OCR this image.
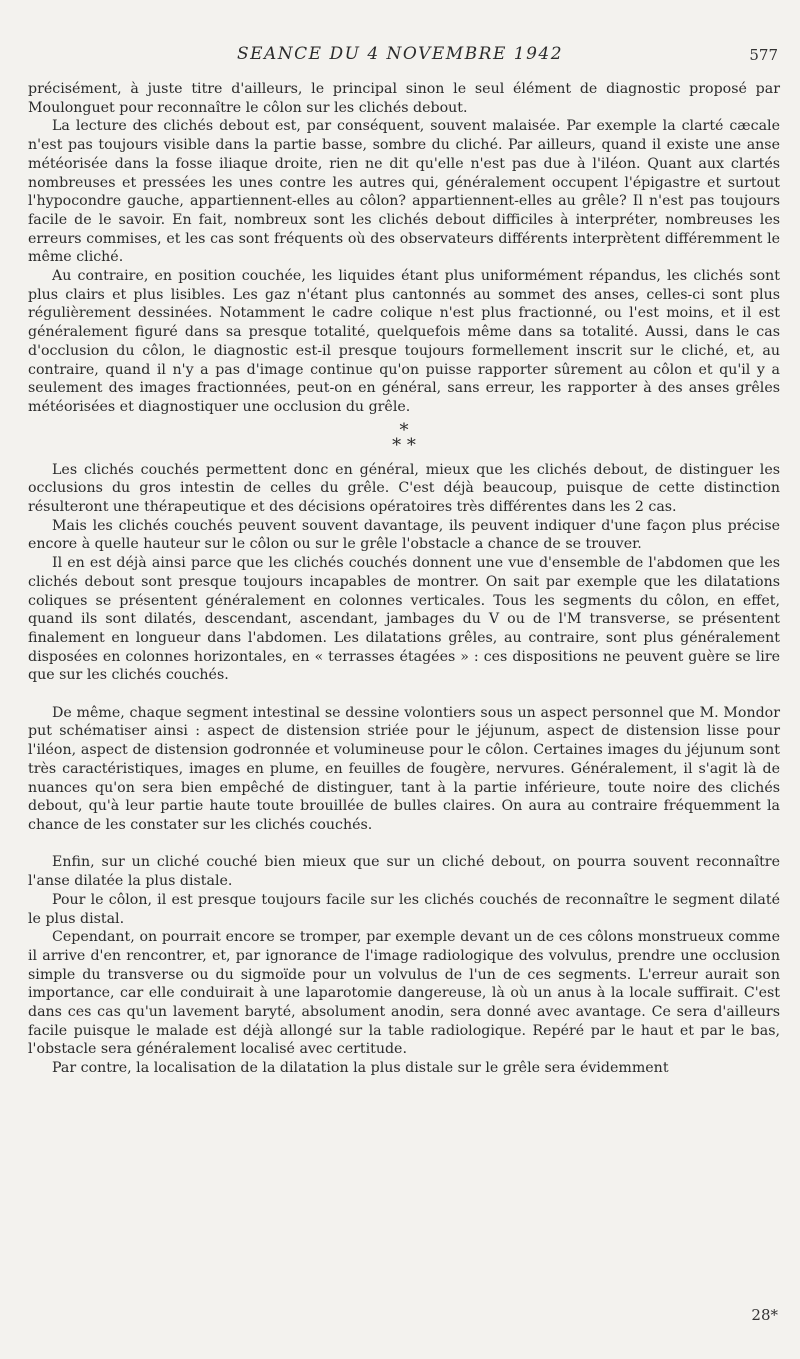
SEANCE DU 4 NOVEMBRE 1942	577

précisément, à juste titre d'ailleurs, le principal sinon le seul élément de diagnostic proposé par Moulonguet pour reconnaître le côlon sur les clichés debout.

La lecture des clichés debout est, par conséquent, souvent malaisée. Par exemple la clarté cæcale n'est pas toujours visible dans la partie basse, sombre du cliché. Par ailleurs, quand il existe une anse météorisée dans la fosse iliaque droite, rien ne dit qu'elle n'est pas due à l'iléon. Quant aux clartés nombreuses et pressées les unes contre les autres qui, généralement occupent l'épigastre et surtout l'hypocondre gauche, appartiennent-elles au côlon? appartiennent-elles au grêle? Il n'est pas toujours facile de le savoir. En fait, nombreux sont les clichés debout difficiles à interpréter, nombreuses les erreurs commises, et les cas sont fréquents où des observateurs différents interprètent différemment le même cliché.

Au contraire, en position couchée, les liquides étant plus uniformément répandus, les clichés sont plus clairs et plus lisibles. Les gaz n'étant plus cantonnés au sommet des anses, celles-ci sont plus régulièrement dessinées. Notamment le cadre colique n'est plus fractionné, ou l'est moins, et il est généralement figuré dans sa presque totalité, quelquefois même dans sa totalité. Aussi, dans le cas d'occlusion du côlon, le diagnostic est-il presque toujours formellement inscrit sur le cliché, et, au contraire, quand il n'y a pas d'image continue qu'on puisse rapporter sûrement au côlon et qu'il y a seulement des images fractionnées, peut-on en général, sans erreur, les rapporter à des anses grêles météorisées et diagnostiquer une occlusion du grêle.

*
* *

Les clichés couchés permettent donc en général, mieux que les clichés debout, de distinguer les occlusions du gros intestin de celles du grêle. C'est déjà beaucoup, puisque de cette distinction résulteront une thérapeutique et des décisions opératoires très différentes dans les 2 cas.

Mais les clichés couchés peuvent souvent davantage, ils peuvent indiquer d'une façon plus précise encore à quelle hauteur sur le côlon ou sur le grêle l'obstacle a chance de se trouver.

Il en est déjà ainsi parce que les clichés couchés donnent une vue d'ensemble de l'abdomen que les clichés debout sont presque toujours incapables de montrer. On sait par exemple que les dilatations coliques se présentent généralement en colonnes verticales. Tous les segments du côlon, en effet, quand ils sont dilatés, descendant, ascendant, jambages du V ou de l'M transverse, se présentent finalement en longueur dans l'abdomen. Les dilatations grêles, au contraire, sont plus généralement disposées en colonnes horizontales, en « terrasses étagées » : ces dispositions ne peuvent guère se lire que sur les clichés couchés.

De même, chaque segment intestinal se dessine volontiers sous un aspect personnel que M. Mondor put schématiser ainsi : aspect de distension striée pour le jéjunum, aspect de distension lisse pour l'iléon, aspect de distension godronnée et volumineuse pour le côlon. Certaines images du jéjunum sont très caractéristiques, images en plume, en feuilles de fougère, nervures. Généralement, il s'agit là de nuances qu'on sera bien empêché de distinguer, tant à la partie inférieure, toute noire des clichés debout, qu'à leur partie haute toute brouillée de bulles claires. On aura au contraire fréquemment la chance de les constater sur les clichés couchés.

Enfin, sur un cliché couché bien mieux que sur un cliché debout, on pourra souvent reconnaître l'anse dilatée la plus distale.

Pour le côlon, il est presque toujours facile sur les clichés couchés de reconnaître le segment dilaté le plus distal.

Cependant, on pourrait encore se tromper, par exemple devant un de ces côlons monstrueux comme il arrive d'en rencontrer, et, par ignorance de l'image radiologique des volvulus, prendre une occlusion simple du transverse ou du sigmoïde pour un volvulus de l'un de ces segments. L'erreur aurait son importance, car elle conduirait à une laparotomie dangereuse, là où un anus à la locale suffirait. C'est dans ces cas qu'un lavement baryté, absolument anodin, sera donné avec avantage. Ce sera d'ailleurs facile puisque le malade est déjà allongé sur la table radiologique. Repéré par le haut et par le bas, l'obstacle sera généralement localisé avec certitude.

Par contre, la localisation de la dilatation la plus distale sur le grêle sera évidemment

28*
